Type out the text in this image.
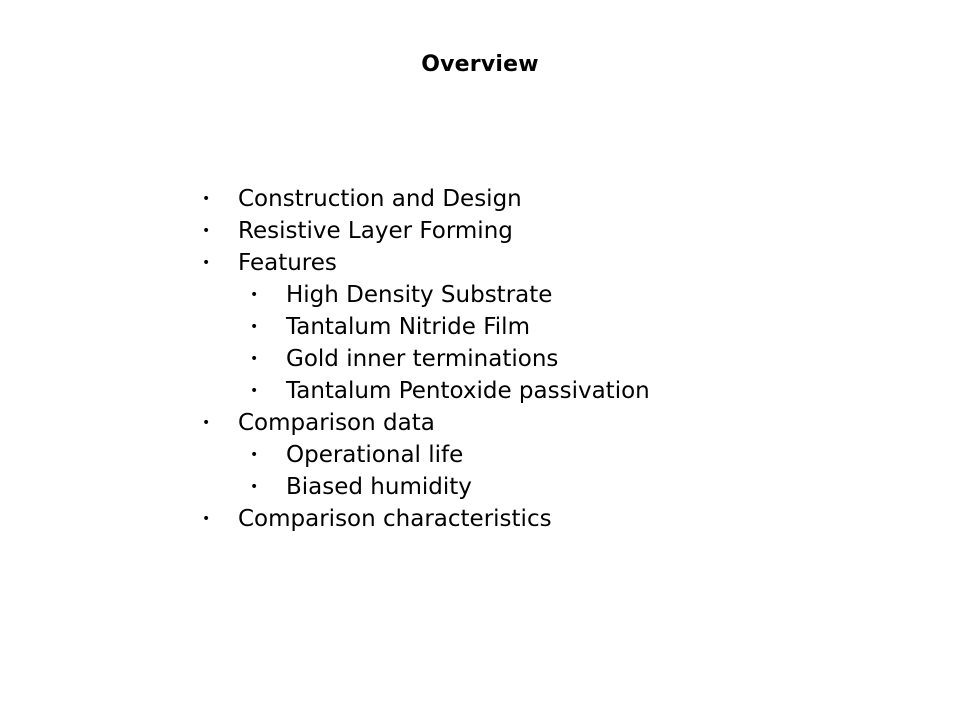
Overview
• Construction and Design
• Resistive Layer Forming
• Features
• High Density Substrate
• Tantalum Nitride Film
• Gold inner terminations
• Tantalum Pentoxide passivation
• Comparison data
• Operational life
• Biased humidity
• Comparison characteristics
